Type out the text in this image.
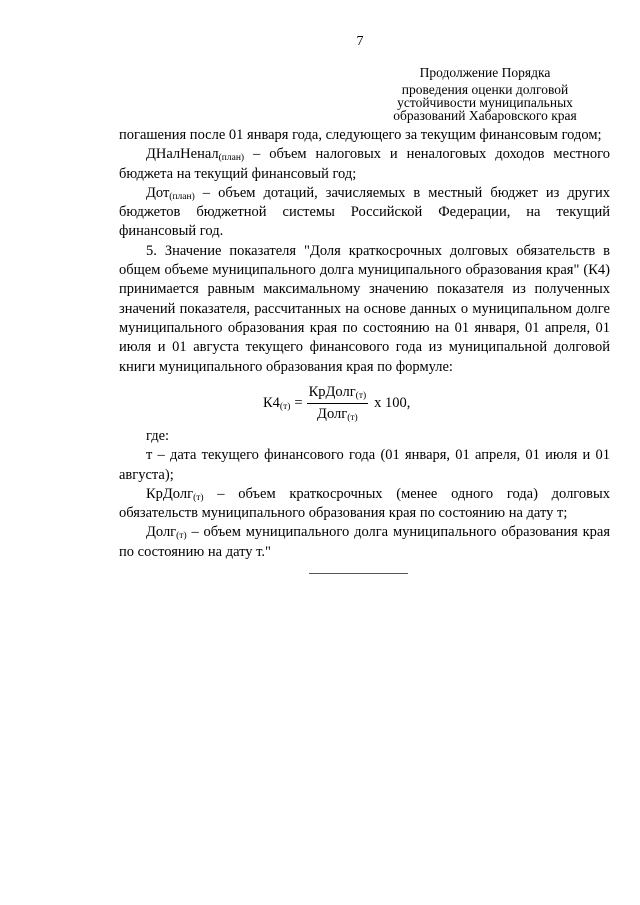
7
Продолжение Порядка
проведения оценки долговой
устойчивости муниципальных
образований Хабаровского края

погашения после 01 января года, следующего за текущим финансовым годом;

ДНалНенал$_{(план)}$ – объем налоговых и неналоговых доходов местного бюджета на текущий финансовый год;

Дот$_{(план)}$ – объем дотаций, зачисляемых в местный бюджет из других бюджетов бюджетной системы Российской Федерации, на текущий финансовый год.

5. Значение показателя "Доля краткосрочных долговых обязательств в общем объеме муниципального долга муниципального образования края" (К4) принимается равным максимальному значению показателя из полученных значений показателя, рассчитанных на основе данных о муниципальном долге муниципального образования края по состоянию на 01 января, 01 апреля, 01 июля и 01 августа текущего финансового года из муниципальной долговой книги муниципального образования края по формуле:

$К4_{(т)} = \frac{КрДолг_{(т)}}{Долг_{(т)}}$ х 100,

где:

т – дата текущего финансового года (01 января, 01 апреля, 01 июля и 01 августа);

КрДолг$_{(т)}$ – объем краткосрочных (менее одного года) долговых обязательств муниципального образования края по состоянию на дату т;

Долг$_{(т)}$ – объем муниципального долга муниципального образования края по состоянию на дату т."
